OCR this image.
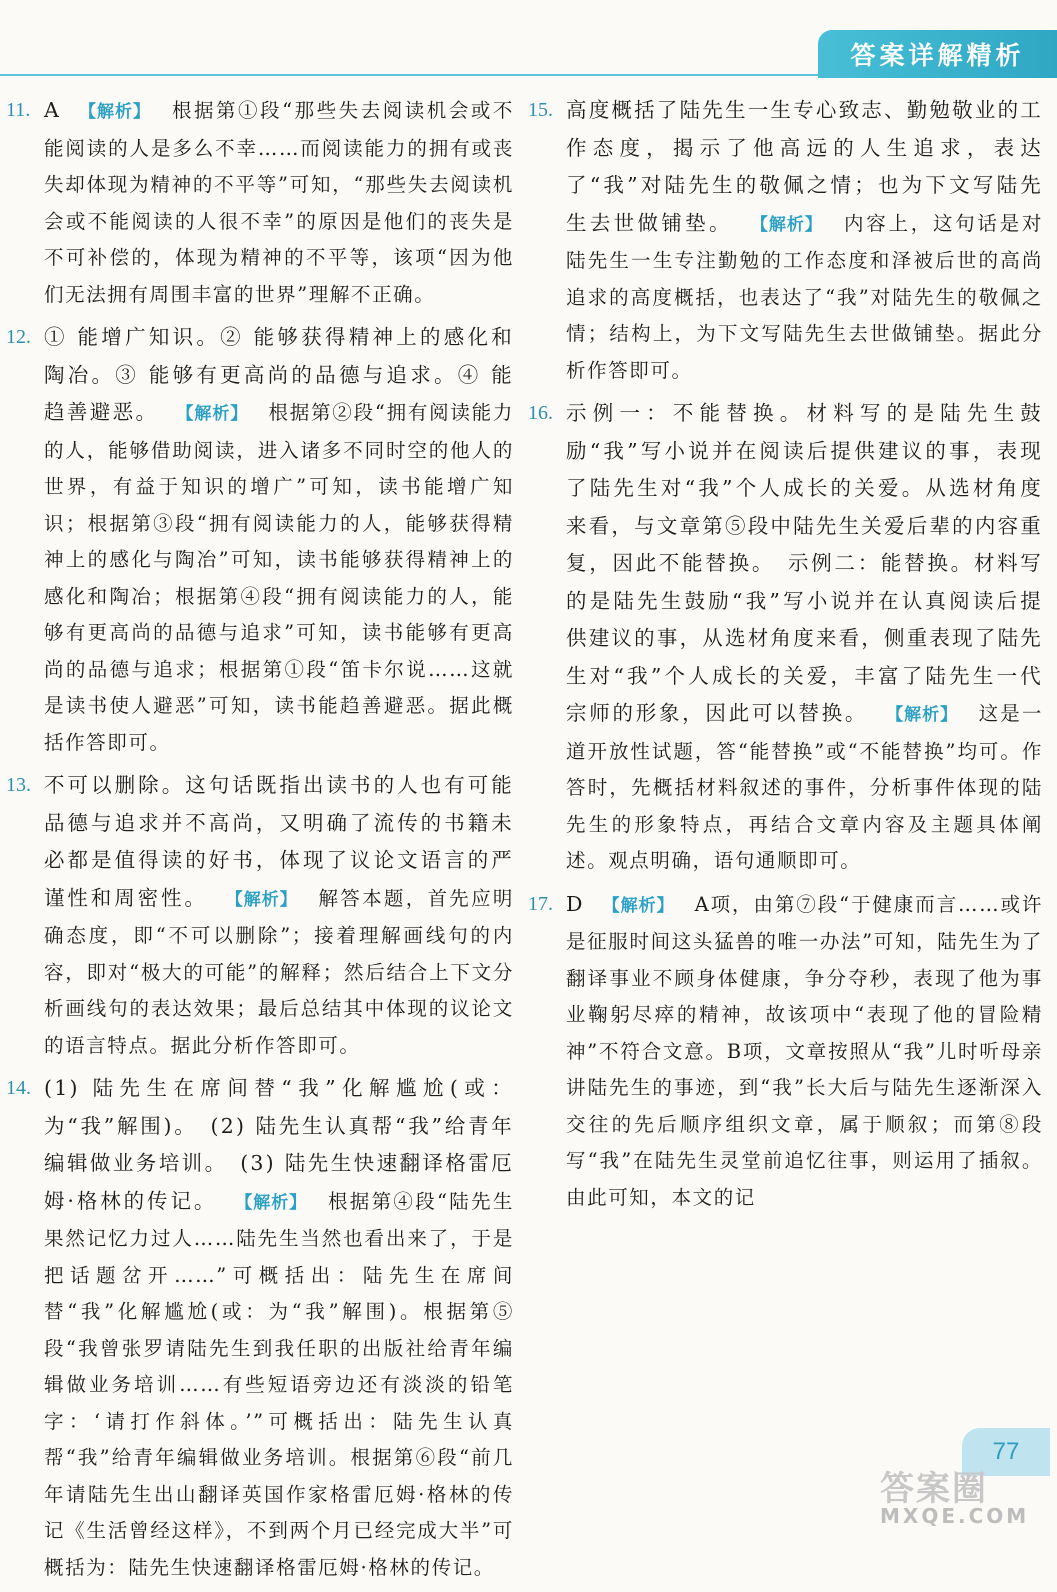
答案详解精析
11. A 【 解析 】 根据第①段“那些失去阅读机会或不能阅读的人是多么不幸……而阅读能力的拥有或丧失却体现为精神的不平等”可知，“那些失去阅读机会或不能阅读的人很不幸”的原因是他们的丧失是不可补偿的，体现为精神的不平等，该项“因为他们无法拥有周围丰富的世界”理解不正确。

12. ① 能增广知识。② 能够获得精神上的感化和陶冶。③ 能够有更高尚的品德与追求。④ 能趋善避恶。 【 解析 】 根据第②段“拥有阅读能力的人，能够借助阅读，进入诸多不同时空的他人的世界，有益于知识的增广”可知，读书能增广知识；根据第③段“拥有阅读能力的人，能够获得精神上的感化与陶冶”可知，读书能够获得精神上的感化和陶冶；根据第④段“拥有阅读能力的人，能够有更高尚的品德与追求”可知，读书能够有更高尚的品德与追求；根据第①段“笛卡尔说……这就是读书使人避恶”可知，读书能趋善避恶。据此概括作答即可。

13. 不可以删除。这句话既指出读书的人也有可能品德与追求并不高尚，又明确了流传的书籍未必都是值得读的好书，体现了议论文语言的严谨性和周密性。 【 解析 】 解答本题，首先应明确态度，即“不可以删除”；接着理解画线句的内容，即对“极大的可能”的解释；然后结合上下文分析画线句的表达效果；最后总结其中体现的议论文的语言特点。据此分析作答即可。

14. (1) 陆先生在席间替“我”化解尴尬(或：为“我”解围)。　(2) 陆先生认真帮“我”给青年编辑做业务培训。　(3) 陆先生快速翻译格雷厄姆·格林的传记。 【 解析 】 根据第④段“陆先生果然记忆力过人……陆先生当然也看出来了，于是把话题岔开……”可概括出：陆先生在席间替“我”化解尴尬(或：为“我”解围)。根据第⑤段“我曾张罗请陆先生到我任职的出版社给青年编辑做业务培训……有些短语旁边还有淡淡的铅笔字：‘请打作斜体。’”可概括出：陆先生认真帮“我”给青年编辑做业务培训。根据第⑥段“前几年请陆先生出山翻译英国作家格雷厄姆·格林的传记《生活曾经这样》，不到两个月已经完成大半”可概括为：陆先生快速翻译格雷厄姆·格林的传记。

15. 高度概括了陆先生一生专心致志、勤勉敬业的工作态度，揭示了他高远的人生追求，表达了“我”对陆先生的敬佩之情；也为下文写陆先生去世做铺垫。 【 解析 】 内容上，这句话是对陆先生一生专注勤勉的工作态度和泽被后世的高尚追求的高度概括，也表达了“我”对陆先生的敬佩之情；结构上，为下文写陆先生去世做铺垫。据此分析作答即可。

16. 示例一：不能替换。材料写的是陆先生鼓励“我”写小说并在阅读后提供建议的事，表现了陆先生对“我”个人成长的关爱。从选材角度来看，与文章第⑤段中陆先生关爱后辈的内容重复，因此不能替换。　示例二：能替换。材料写的是陆先生鼓励“我”写小说并在认真阅读后提供建议的事，从选材角度来看，侧重表现了陆先生对“我”个人成长的关爱，丰富了陆先生一代宗师的形象，因此可以替换。 【 解析 】 这是一道开放性试题，答“能替换”或“不能替换”均可。作答时，先概括材料叙述的事件，分析事件体现的陆先生的形象特点，再结合文章内容及主题具体阐述。观点明确，语句通顺即可。

17. D 【 解析 】 A项，由第⑦段“于健康而言……或许是征服时间这头猛兽的唯一办法”可知，陆先生为了翻译事业不顾身体健康，争分夺秒，表现了他为事业鞠躬尽瘁的精神，故该项中“表现了他的冒险精神”不符合文意。B项，文章按照从“我”儿时听母亲讲陆先生的事迹，到“我”长大后与陆先生逐渐深入交往的先后顺序组织文章，属于顺叙；而第⑧段写“我”在陆先生灵堂前追忆往事，则运用了插叙。由此可知，本文的记

77
答案圈
MXQE.COM
